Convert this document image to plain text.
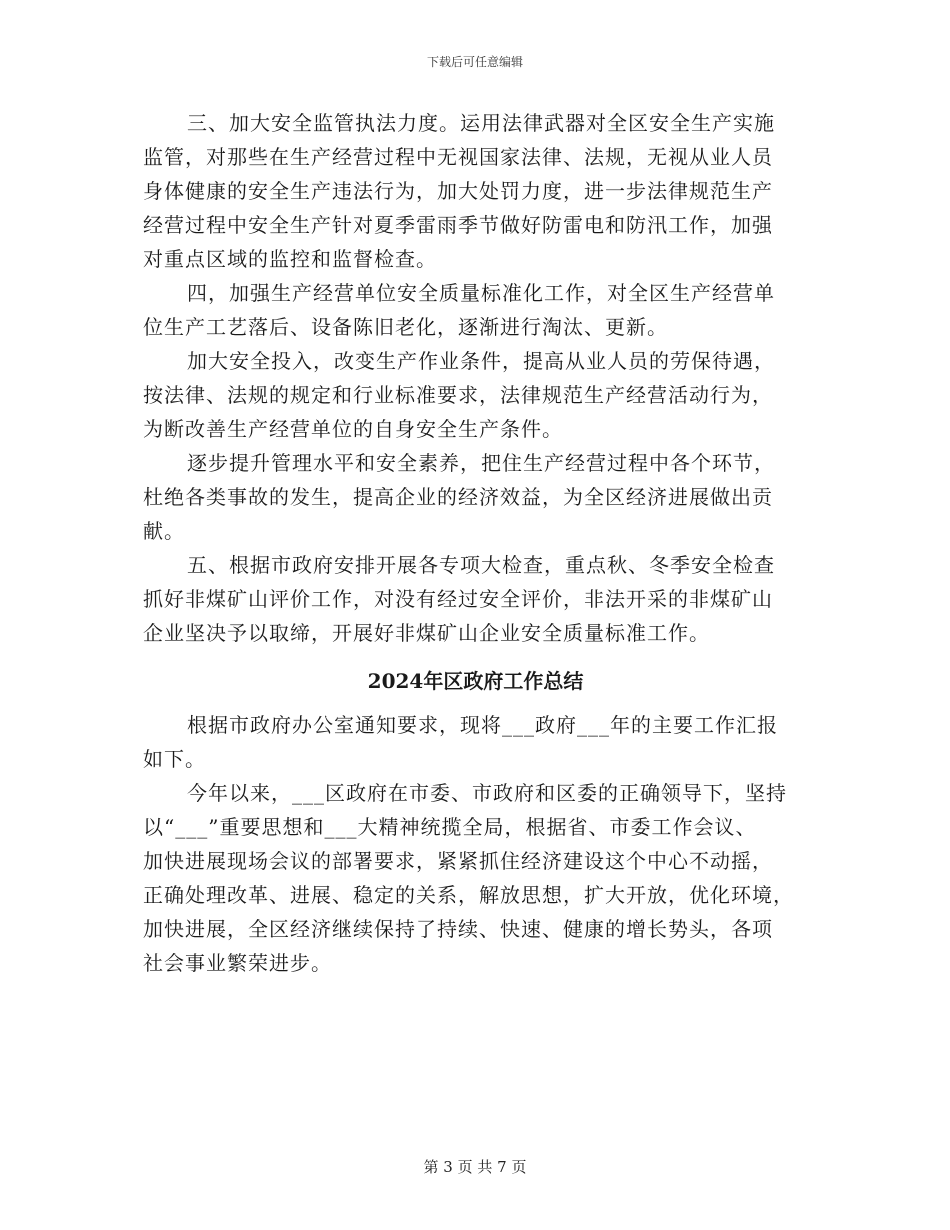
下载后可任意编辑
三、加大安全监管执法力度。运用法律武器对全区安全生产实施
监管，对那些在生产经营过程中无视国家法律、法规，无视从业人员
身体健康的安全生产违法行为，加大处罚力度，进一步法律规范生产
经营过程中安全生产针对夏季雷雨季节做好防雷电和防汛工作，加强
对重点区域的监控和监督检查。
四，加强生产经营单位安全质量标准化工作，对全区生产经营单
位生产工艺落后、设备陈旧老化，逐渐进行淘汰、更新。
加大安全投入，改变生产作业条件，提高从业人员的劳保待遇，
按法律、法规的规定和行业标准要求，法律规范生产经营活动行为，
为断改善生产经营单位的自身安全生产条件。
逐步提升管理水平和安全素养，把住生产经营过程中各个环节，
杜绝各类事故的发生，提高企业的经济效益，为全区经济进展做出贡
献。
五、根据市政府安排开展各专项大检查，重点秋、冬季安全检查
抓好非煤矿山评价工作，对没有经过安全评价，非法开采的非煤矿山
企业坚决予以取缔，开展好非煤矿山企业安全质量标准工作。
2024年区政府工作总结
根据市政府办公室通知要求，现将___政府___年的主要工作汇报
如下。
今年以来，___区政府在市委、市政府和区委的正确领导下，坚持
以“___”重要思想和___大精神统揽全局，根据省、市委工作会议、
加快进展现场会议的部署要求，紧紧抓住经济建设这个中心不动摇，
正确处理改革、进展、稳定的关系，解放思想，扩大开放，优化环境，
加快进展，全区经济继续保持了持续、快速、健康的增长势头，各项
社会事业繁荣进步。
第 3 页 共 7 页
